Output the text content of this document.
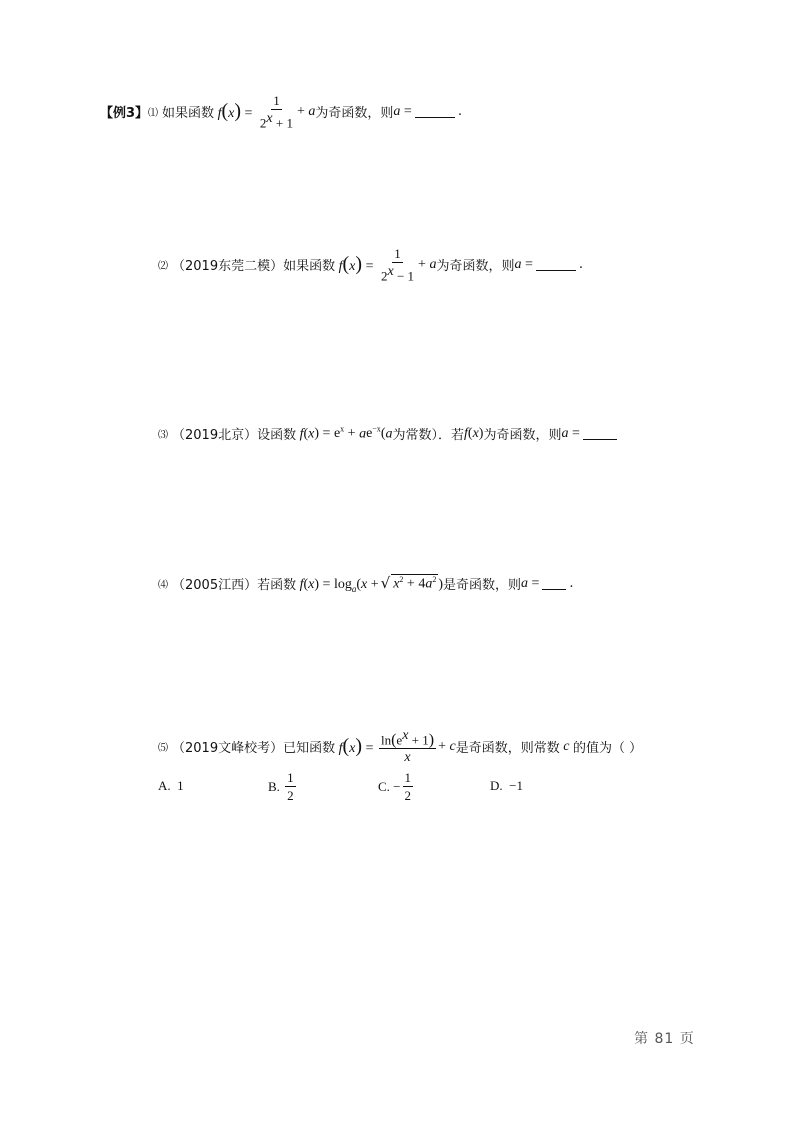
【例3】 ⑴ 如果函数 $f(x) = \frac{1}{2^x + 1} + a$ 为奇函数，则 a =	.
⑵ （2019东莞二模） 如果函数 $f(x) = \frac{1}{2^x - 1} + a$ 为奇函数，则 a =	.
⑶ （2019北京） 设函数 $f(x) = e^x + ae^{-x}(a$ 为常数）．若 f(x) 为奇函数，则 a =
⑷ （2005江西） 若函数 $f(x) = \log_a(x$ + √ $x^2 + 4a^2$ ) 是奇函数，则 a = .
⑸ （2019文峰校考） 已知函数 $f(x) = \frac{\ln(e^x + 1)}{x} + c$ 是奇函数，则常数 c 的值为（ ）
A.
1	B.
$\frac{1}{2}$	C.
− $\frac{1}{2}$	D.
−1
第 81 页
